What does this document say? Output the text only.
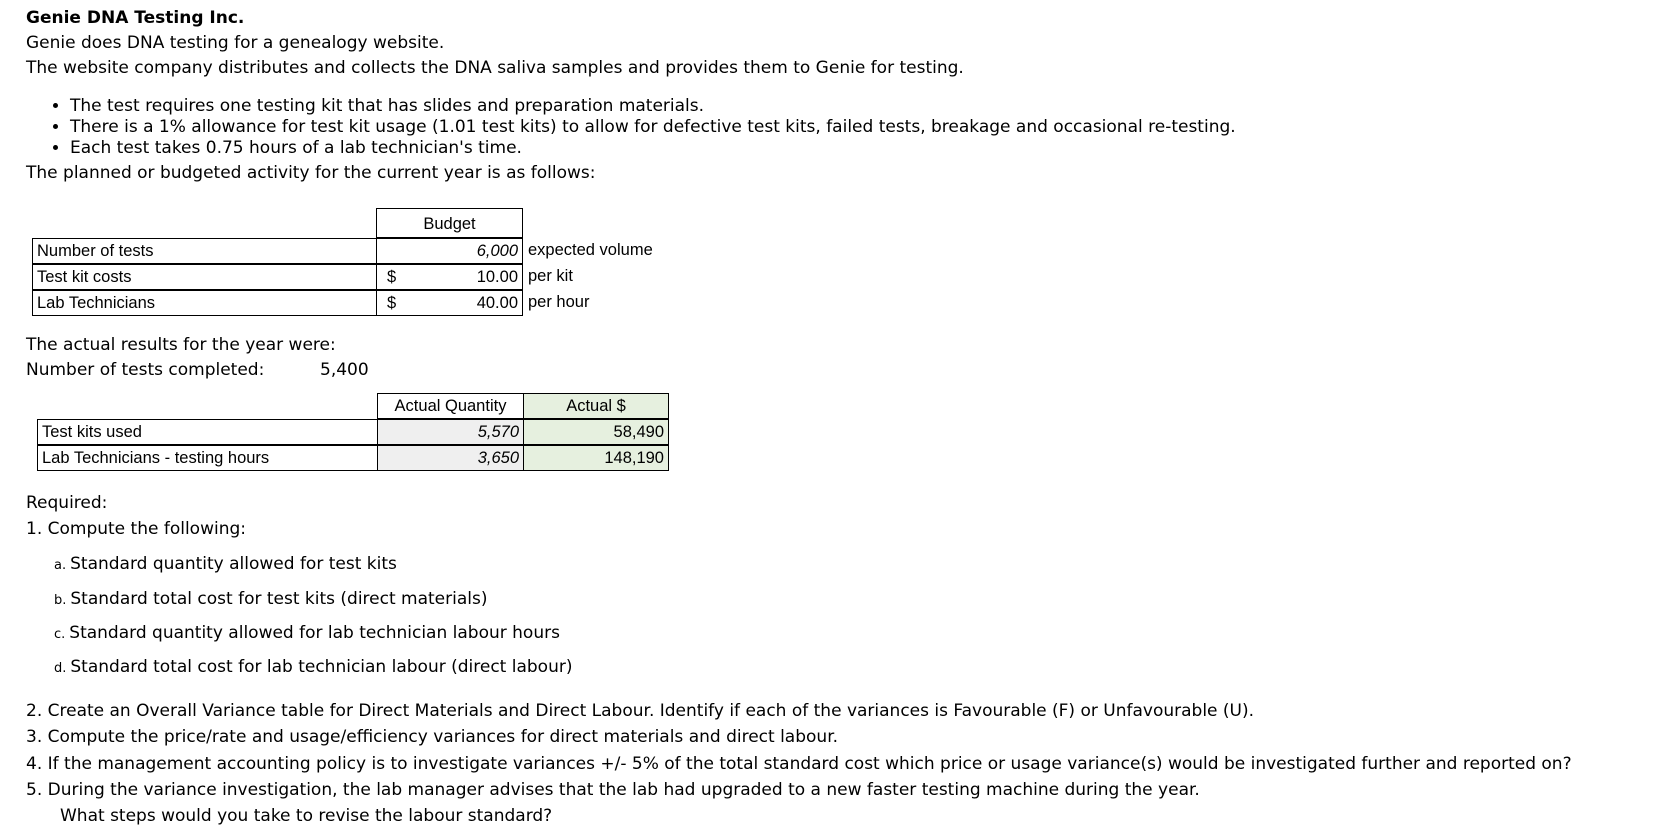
Genie DNA Testing Inc.
Genie does DNA testing for a genealogy website.
The website company distributes and collects the DNA saliva samples and provides them to Genie for testing.
• The test requires one testing kit that has slides and preparation materials.
• There is a 1% allowance for test kit usage (1.01 test kits) to allow for defective test kits, failed tests, breakage and occasional re-testing.
• Each test takes 0.75 hours of a lab technician's time.
The planned or budgeted activity for the current year is as follows:
Budget
Number of tests	6,000 expected volume
Test kit costs	$	10.00 per kit
Lab Technicians	$	40.00 per hour
The actual results for the year were:
Number of tests completed:	5,400
Actual Quantity	Actual $
Test kits used	5,570	58,490
Lab Technicians - testing hours	3,650	148,190
Required:
1. Compute the following:
a. Standard quantity allowed for test kits
b. Standard total cost for test kits (direct materials)
c. Standard quantity allowed for lab technician labour hours
d. Standard total cost for lab technician labour (direct labour)
2. Create an Overall Variance table for Direct Materials and Direct Labour. Identify if each of the variances is Favourable (F) or Unfavourable (U).
3. Compute the price/rate and usage/efficiency variances for direct materials and direct labour.
4. If the management accounting policy is to investigate variances +/- 5% of the total standard cost which price or usage variance(s) would be investigated further and reported on?
5. During the variance investigation, the lab manager advises that the lab had upgraded to a new faster testing machine during the year.
What steps would you take to revise the labour standard?
